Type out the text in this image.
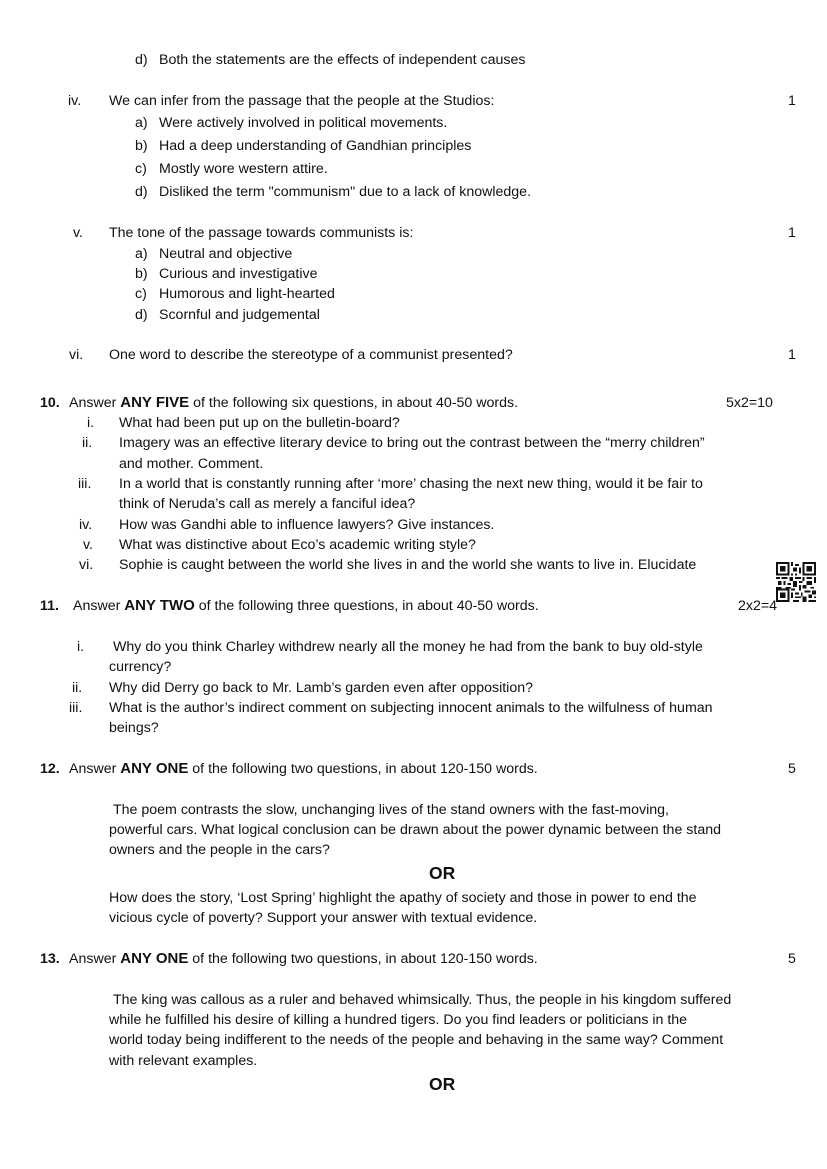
d) Both the statements are the effects of independent causes
iv. We can infer from the passage that the people at the Studios:	1
a) Were actively involved in political movements.
b) Had a deep understanding of Gandhian principles
c) Mostly wore western attire.
d) Disliked the term "communism" due to a lack of knowledge.
v. The tone of the passage towards communists is:	1
a) Neutral and objective
b) Curious and investigative
c) Humorous and light-hearted
d) Scornful and judgemental
vi. One word to describe the stereotype of a communist presented?	1
10. Answer ANY FIVE of the following six questions, in about 40-50 words.	5x2=10
i. What had been put up on the bulletin-board?
ii. Imagery was an effective literary device to bring out the contrast between the “merry children”
and mother. Comment.
iii. In a world that is constantly running after ‘more’ chasing the next new thing, would it be fair to
think of Neruda’s call as merely a fanciful idea?
iv. How was Gandhi able to influence lawyers? Give instances.
v. What was distinctive about Eco’s academic writing style?
vi. Sophie is caught between the world she lives in and the world she wants to live in. Elucidate
11. Answer ANY TWO of the following three questions, in about 40-50 words.	2x2=4
i. Why do you think Charley withdrew nearly all the money he had from the bank to buy old-style
currency?
ii. Why did Derry go back to Mr. Lamb’s garden even after opposition?
iii. What is the author’s indirect comment on subjecting innocent animals to the wilfulness of human
beings?
12. Answer ANY ONE of the following two questions, in about 120-150 words.	5
The poem contrasts the slow, unchanging lives of the stand owners with the fast-moving,
powerful cars. What logical conclusion can be drawn about the power dynamic between the stand
owners and the people in the cars?
OR
How does the story, ‘Lost Spring’ highlight the apathy of society and those in power to end the
vicious cycle of poverty? Support your answer with textual evidence.
13. Answer ANY ONE of the following two questions, in about 120-150 words.	5
The king was callous as a ruler and behaved whimsically. Thus, the people in his kingdom suffered
while he fulfilled his desire of killing a hundred tigers. Do you find leaders or politicians in the
world today being indifferent to the needs of the people and behaving in the same way? Comment
with relevant examples.
OR
